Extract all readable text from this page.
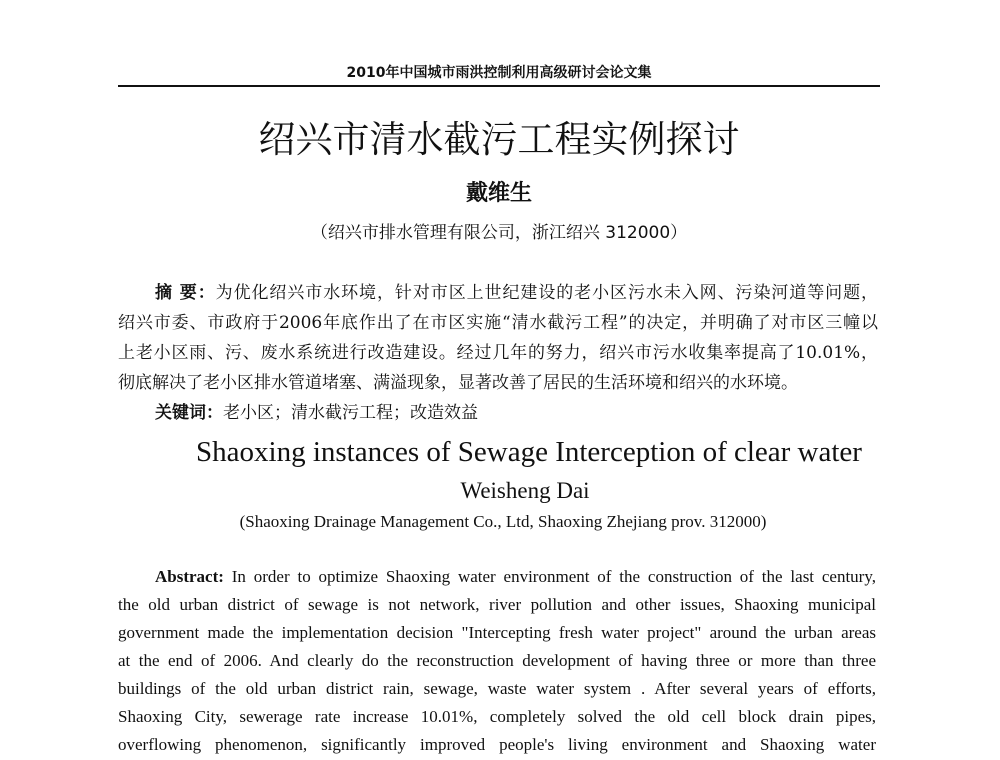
2010年中国城市雨洪控制利用高级研讨会论文集
绍兴市清水截污工程实例探讨
戴维生
（绍兴市排水管理有限公司，浙江绍兴 312000）
摘 要：为优化绍兴市水环境，针对市区上世纪建设的老小区污水未入网、污染河道等问题，
绍兴市委、市政府于2006年底作出了在市区实施“清水截污工程”的决定，并明确了对市区三幢以
上老小区雨、污、废水系统进行改造建设。经过几年的努力，绍兴市污水收集率提高了10.01%，
彻底解决了老小区排水管道堵塞、满溢现象，显著改善了居民的生活环境和绍兴的水环境。
关键词：老小区；清水截污工程；改造效益
Shaoxing instances of Sewage Interception of clear water
Weisheng Dai
(Shaoxing Drainage Management Co., Ltd, Shaoxing Zhejiang prov. 312000)
Abstract: In order to optimize Shaoxing water environment of the construction of the last century,
the old urban district of sewage is not network, river pollution and other issues, Shaoxing municipal
government made the implementation decision "Intercepting fresh water project" around the urban areas
at the end of 2006. And clearly do the reconstruction development of having three or more than three
buildings of the old urban district rain, sewage, waste water system . After several years of efforts,
Shaoxing City, sewerage rate increase 10.01%, completely solved the old cell block drain pipes,
overflowing phenomenon, significantly improved people's living environment and Shaoxing water
